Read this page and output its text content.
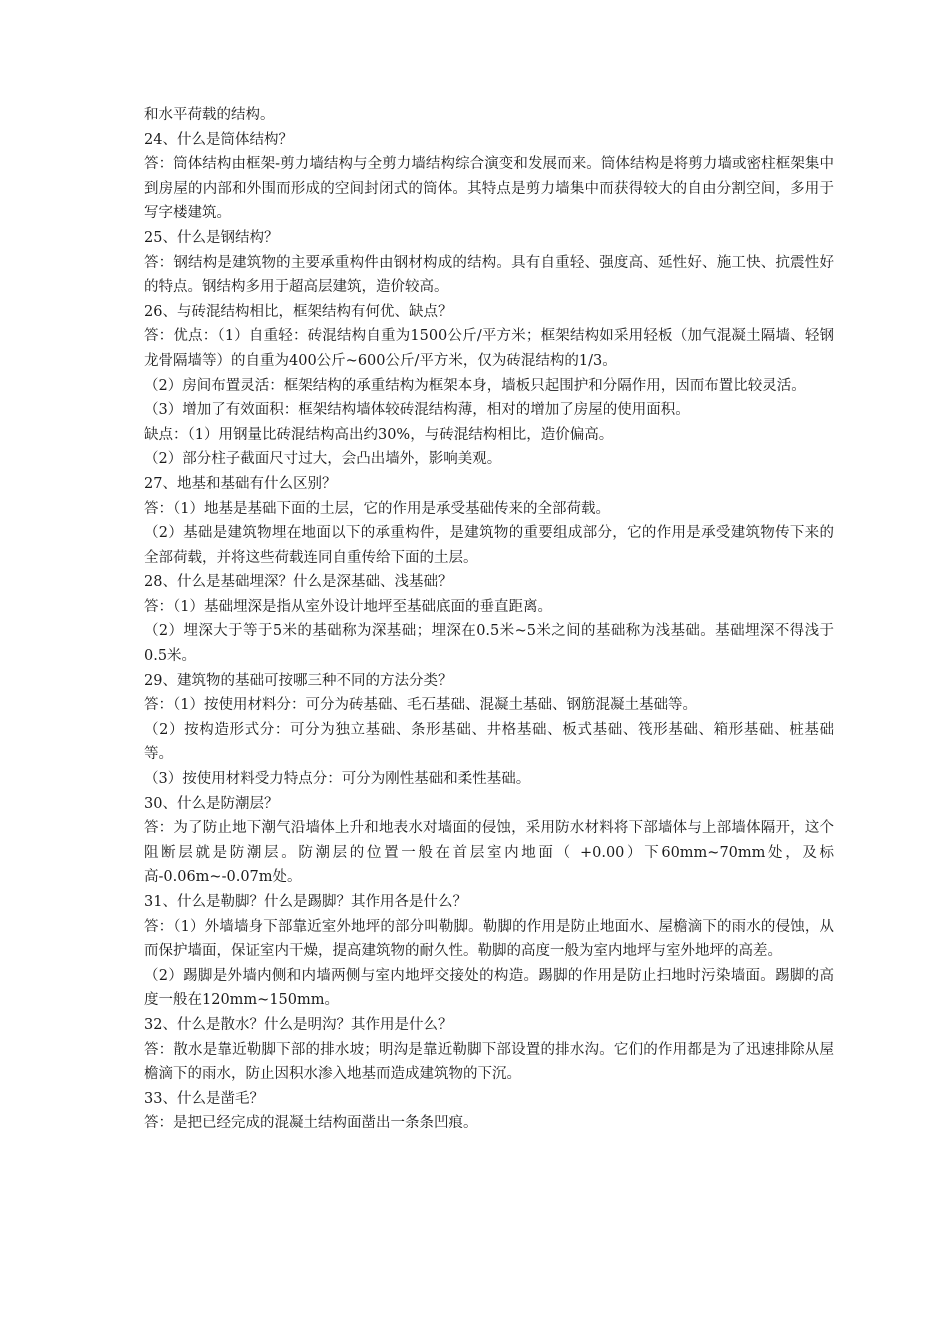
和水平荷载的结构。

24、什么是筒体结构？

答：筒体结构由框架-剪力墙结构与全剪力墙结构综合演变和发展而来。筒体结构是将剪力墙或密柱框架集中到房屋的内部和外围而形成的空间封闭式的筒体。其特点是剪力墙集中而获得较大的自由分割空间，多用于写字楼建筑。

25、什么是钢结构？

答：钢结构是建筑物的主要承重构件由钢材构成的结构。具有自重轻、强度高、延性好、施工快、抗震性好的特点。钢结构多用于超高层建筑，造价较高。

26、与砖混结构相比，框架结构有何优、缺点？

答：优点：（1）自重轻：砖混结构自重为1500公斤/平方米；框架结构如采用轻板（加气混凝土隔墙、轻钢龙骨隔墙等）的自重为400公斤~600公斤/平方米，仅为砖混结构的1/3。

（2）房间布置灵活：框架结构的承重结构为框架本身，墙板只起围护和分隔作用，因而布置比较灵活。

（3）增加了有效面积：框架结构墙体较砖混结构薄，相对的增加了房屋的使用面积。

缺点：（1）用钢量比砖混结构高出约30%，与砖混结构相比，造价偏高。

（2）部分柱子截面尺寸过大，会凸出墙外，影响美观。

27、地基和基础有什么区别？

答：（1）地基是基础下面的土层，它的作用是承受基础传来的全部荷载。

（2）基础是建筑物埋在地面以下的承重构件，是建筑物的重要组成部分，它的作用是承受建筑物传下来的全部荷载，并将这些荷载连同自重传给下面的土层。

28、什么是基础埋深？什么是深基础、浅基础？

答：（1）基础埋深是指从室外设计地坪至基础底面的垂直距离。

（2）埋深大于等于5米的基础称为深基础；埋深在0.5米~5米之间的基础称为浅基础。基础埋深不得浅于0.5米。

29、建筑物的基础可按哪三种不同的方法分类？

答：（1）按使用材料分：可分为砖基础、毛石基础、混凝土基础、钢筋混凝土基础等。

（2）按构造形式分：可分为独立基础、条形基础、井格基础、板式基础、筏形基础、箱形基础、桩基础等。

（3）按使用材料受力特点分：可分为刚性基础和柔性基础。

30、什么是防潮层？

答：为了防止地下潮气沿墙体上升和地表水对墙面的侵蚀，采用防水材料将下部墙体与上部墙体隔开，这个阻断层就是防潮层。防潮层的位置一般在首层室内地面（ +0.00）下60mm~70mm处，及标高-0.06m~-0.07m处。

31、什么是勒脚？什么是踢脚？其作用各是什么？

答：（1）外墙墙身下部靠近室外地坪的部分叫勒脚。勒脚的作用是防止地面水、屋檐滴下的雨水的侵蚀，从而保护墙面，保证室内干燥，提高建筑物的耐久性。勒脚的高度一般为室内地坪与室外地坪的高差。

（2）踢脚是外墙内侧和内墙两侧与室内地坪交接处的构造。踢脚的作用是防止扫地时污染墙面。踢脚的高度一般在120mm~150mm。

32、什么是散水？什么是明沟？其作用是什么？

答：散水是靠近勒脚下部的排水坡；明沟是靠近勒脚下部设置的排水沟。它们的作用都是为了迅速排除从屋檐滴下的雨水，防止因积水渗入地基而造成建筑物的下沉。

33、什么是凿毛？

答：是把已经完成的混凝土结构面凿出一条条凹痕。
